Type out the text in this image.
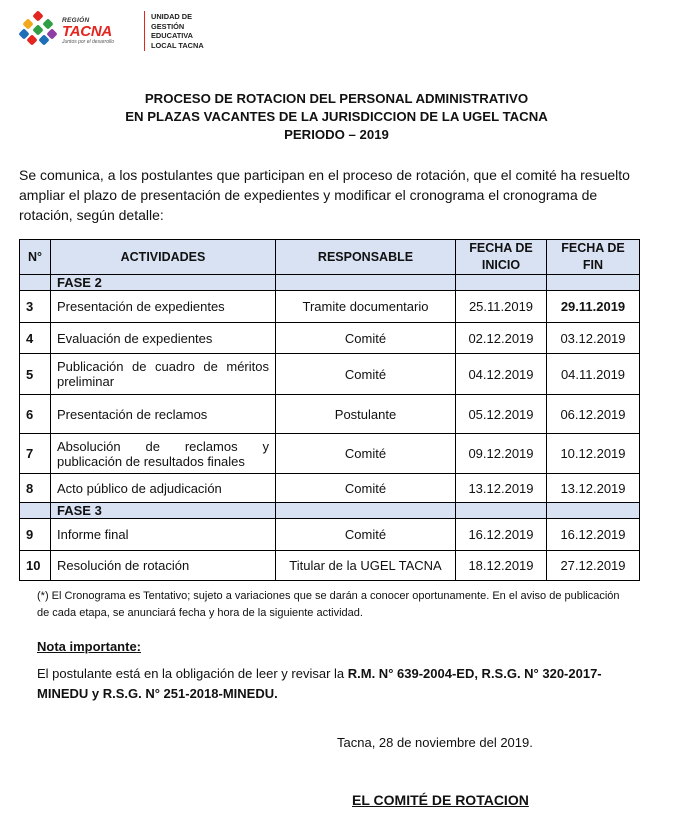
REGIÓN
TACNA
Juntos por el desarrollo
UNIDAD DE
GESTIÓN
EDUCATIVA
LOCAL TACNA
PROCESO DE ROTACION DEL PERSONAL ADMINISTRATIVO
EN PLAZAS VACANTES DE LA JURISDICCION DE LA UGEL TACNA
PERIODO – 2019
Se comunica, a los postulantes que participan en el proceso de rotación, que el comité ha resuelto ampliar el plazo de presentación de expedientes y modificar el cronograma el cronograma de rotación, según detalle:
N°	ACTIVIDADES	RESPONSABLE	FECHA DE INICIO	FECHA DE FIN
	FASE 2			
3	Presentación de expedientes	Tramite documentario	25.11.2019	29.11.2019
4	Evaluación de expedientes	Comité	02.12.2019	03.12.2019
5	Publicación de cuadro de méritos
preliminar	Comité	04.12.2019	04.11.2019
6	Presentación de reclamos	Postulante	05.12.2019	06.12.2019
7	Absolución de reclamos y
publicación de resultados finales	Comité	09.12.2019	10.12.2019
8	Acto público de adjudicación	Comité	13.12.2019	13.12.2019
	FASE 3			
9	Informe final	Comité	16.12.2019	16.12.2019
10	Resolución de rotación	Titular de la UGEL TACNA	18.12.2019	27.12.2019
(*) El Cronograma es Tentativo; sujeto a variaciones que se darán a conocer oportunamente. En el aviso de publicación de cada etapa, se anunciará fecha y hora de la siguiente actividad.
Nota importante:
El postulante está en la obligación de leer y revisar la R.M. N° 639-2004-ED, R.S.G. N° 320-2017-MINEDU y R.S.G. N° 251-2018-MINEDU.
Tacna, 28 de noviembre del 2019.
EL COMITÉ DE ROTACION
